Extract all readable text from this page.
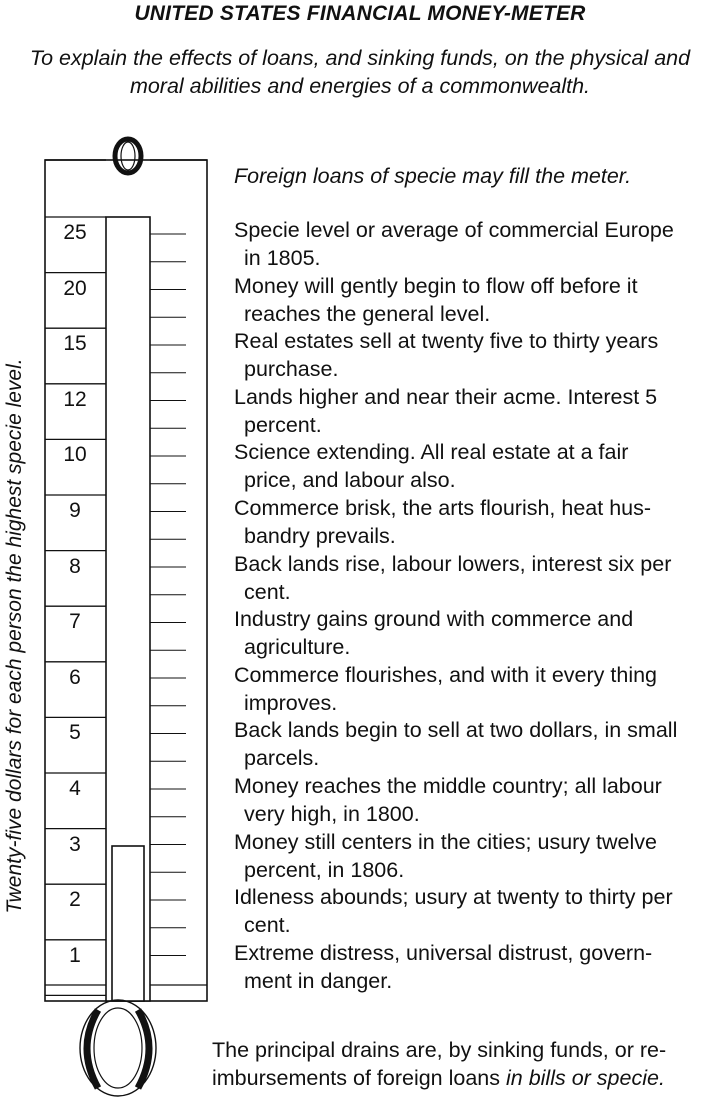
UNITED STATES FINANCIAL MONEY-METER
To explain the effects of loans, and sinking funds, on the physical and
moral abilities and energies of a commonwealth.
Twenty-five dollars for each person the highest specie level.
25
20
15
12
10
9
8
7
6
5
4
3
2
1
Foreign loans of specie may fill the meter.
Specie level or average of commercial Europe
in 1805.
Money will gently begin to flow off before it
reaches the general level.
Real estates sell at twenty five to thirty years
purchase.
Lands higher and near their acme. Interest 5
percent.
Science extending. All real estate at a fair
price, and labour also.
Commerce brisk, the arts flourish, heat hus-
bandry prevails.
Back lands rise, labour lowers, interest six per
cent.
Industry gains ground with commerce and
agriculture.
Commerce flourishes, and with it every thing
improves.
Back lands begin to sell at two dollars, in small
parcels.
Money reaches the middle country; all labour
very high, in 1800.
Money still centers in the cities; usury twelve
percent, in 1806.
Idleness abounds; usury at twenty to thirty per
cent.
Extreme distress, universal distrust, govern-
ment in danger.
The principal drains are, by sinking funds, or re-
imbursements of foreign loans in bills or specie.
